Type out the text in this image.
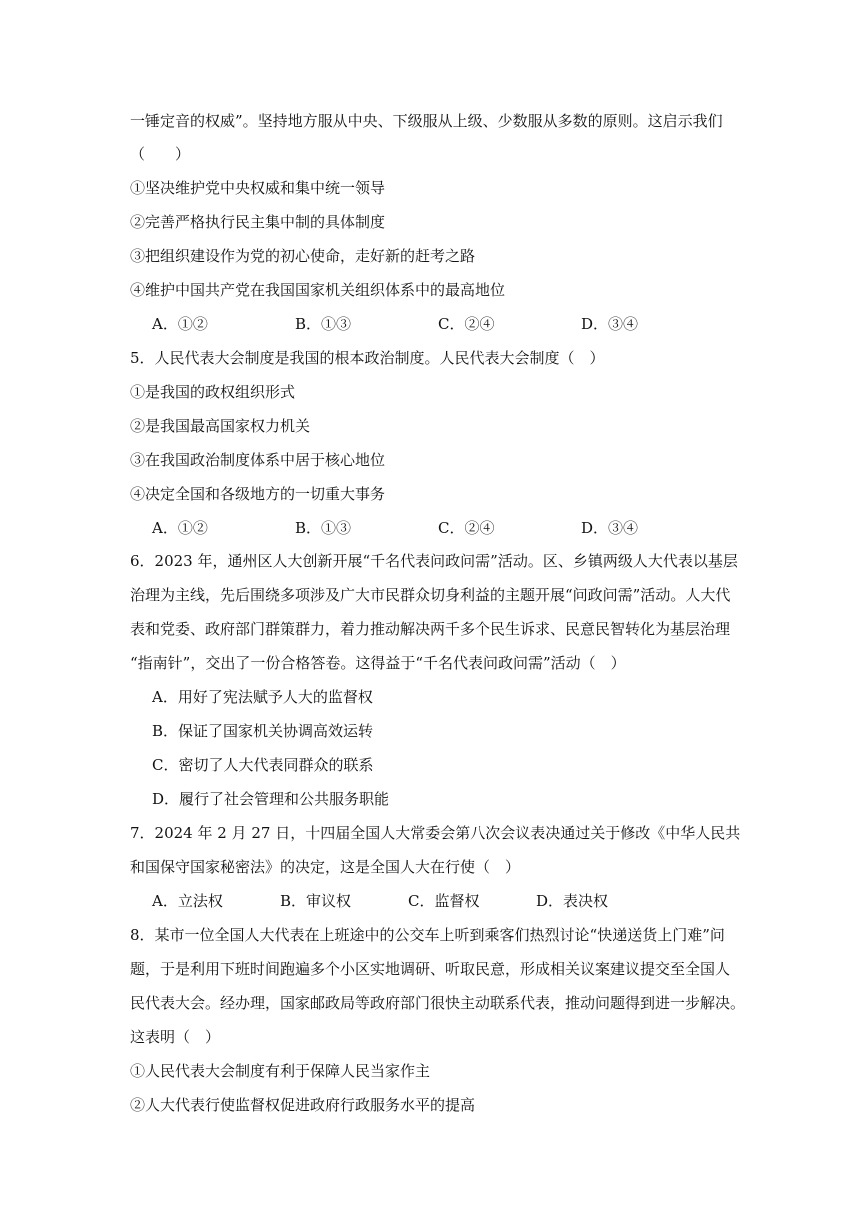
一锤定音的权威”。坚持地方服从中央、下级服从上级、少数服从多数的原则。这启示我们
（　　）
①坚决维护党中央权威和集中统一领导
②完善严格执行民主集中制的具体制度
③把组织建设作为党的初心使命，走好新的赶考之路
④维护中国共产党在我国国家机关组织体系中的最高地位
A．①②	B．①③	C．②④	D．③④
5．人民代表大会制度是我国的根本政治制度。人民代表大会制度（　）
①是我国的政权组织形式
②是我国最高国家权力机关
③在我国政治制度体系中居于核心地位
④决定全国和各级地方的一切重大事务
A．①②	B．①③	C．②④	D．③④
6．2023 年，通州区人大创新开展“千名代表问政问需”活动。区、乡镇两级人大代表以基层
治理为主线，先后围绕多项涉及广大市民群众切身利益的主题开展“问政问需”活动。人大代
表和党委、政府部门群策群力，着力推动解决两千多个民生诉求、民意民智转化为基层治理
“指南针”，交出了一份合格答卷。这得益于“千名代表问政问需”活动（　）
A．用好了宪法赋予人大的监督权
B．保证了国家机关协调高效运转
C．密切了人大代表同群众的联系
D．履行了社会管理和公共服务职能
7．2024 年 2 月 27 日，十四届全国人大常委会第八次会议表决通过关于修改《中华人民共
和国保守国家秘密法》的决定，这是全国人大在行使（　）
A．立法权	B．审议权	C．监督权	D．表决权
8．某市一位全国人大代表在上班途中的公交车上听到乘客们热烈讨论“快递送货上门难”问
题，于是利用下班时间跑遍多个小区实地调研、听取民意，形成相关议案建议提交至全国人
民代表大会。经办理，国家邮政局等政府部门很快主动联系代表，推动问题得到进一步解决。
这表明（　）
①人民代表大会制度有利于保障人民当家作主
②人大代表行使监督权促进政府行政服务水平的提高
